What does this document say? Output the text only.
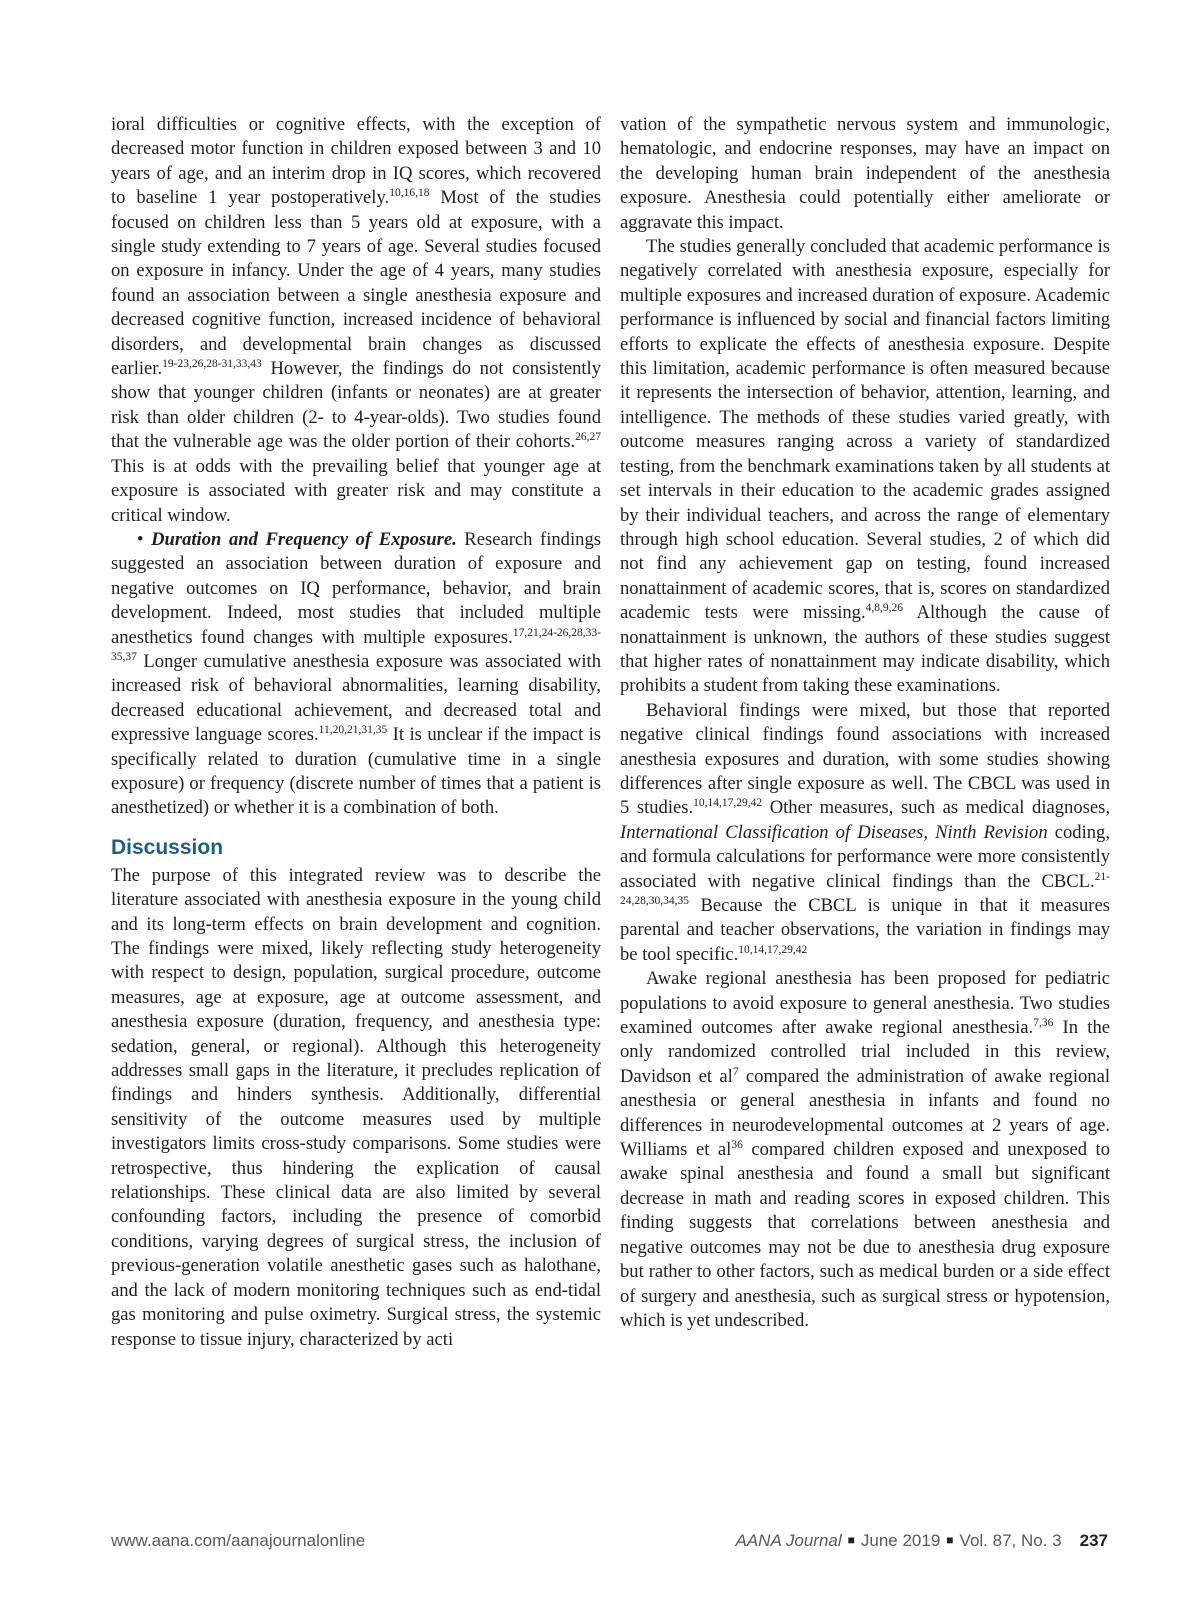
ioral difficulties or cognitive effects, with the exception of decreased motor function in children exposed between 3 and 10 years of age, and an interim drop in IQ scores, which recovered to baseline 1 year postoperatively.$^{10,16,18}$ Most of the studies focused on children less than 5 years old at exposure, with a single study extending to 7 years of age. Several studies focused on exposure in infancy. Under the age of 4 years, many studies found an association between a single anesthesia exposure and decreased cognitive function, increased incidence of behavioral disorders, and developmental brain changes as discussed earlier.$^{19-23,26,28-31,33,43}$ However, the findings do not consistently show that younger children (infants or neonates) are at greater risk than older children (2- to 4-year-olds). Two studies found that the vulnerable age was the older portion of their cohorts.$^{26,27}$ This is at odds with the prevailing belief that younger age at exposure is associated with greater risk and may constitute a critical window.

• Duration and Frequency of Exposure. Research findings suggested an association between duration of exposure and negative outcomes on IQ performance, behavior, and brain development. Indeed, most studies that included multiple anesthetics found changes with multiple exposures.$^{17,21,24-26,28,33-35,37}$ Longer cumulative anesthesia exposure was associated with increased risk of behavioral abnormalities, learning disability, decreased educational achievement, and decreased total and expressive language scores.$^{11,20,21,31,35}$ It is unclear if the impact is specifically related to duration (cumulative time in a single exposure) or frequency (discrete number of times that a patient is anesthetized) or whether it is a combination of both.

Discussion

The purpose of this integrated review was to describe the literature associated with anesthesia exposure in the young child and its long-term effects on brain development and cognition. The findings were mixed, likely reflecting study heterogeneity with respect to design, population, surgical procedure, outcome measures, age at exposure, age at outcome assessment, and anesthesia exposure (duration, frequency, and anesthesia type: sedation, general, or regional). Although this heterogeneity addresses small gaps in the literature, it precludes replication of findings and hinders synthesis. Additionally, differential sensitivity of the outcome measures used by multiple investigators limits cross-study comparisons. Some studies were retrospective, thus hindering the explication of causal relationships. These clinical data are also limited by several confounding factors, including the presence of comorbid conditions, varying degrees of surgical stress, the inclusion of previous-generation volatile anesthetic gases such as halothane, and the lack of modern monitoring techniques such as end-tidal gas monitoring and pulse oximetry. Surgical stress, the systemic response to tissue injury, characterized by acti

vation of the sympathetic nervous system and immunologic, hematologic, and endocrine responses, may have an impact on the developing human brain independent of the anesthesia exposure. Anesthesia could potentially either ameliorate or aggravate this impact.

The studies generally concluded that academic performance is negatively correlated with anesthesia exposure, especially for multiple exposures and increased duration of exposure. Academic performance is influenced by social and financial factors limiting efforts to explicate the effects of anesthesia exposure. Despite this limitation, academic performance is often measured because it represents the intersection of behavior, attention, learning, and intelligence. The methods of these studies varied greatly, with outcome measures ranging across a variety of standardized testing, from the benchmark examinations taken by all students at set intervals in their education to the academic grades assigned by their individual teachers, and across the range of elementary through high school education. Several studies, 2 of which did not find any achievement gap on testing, found increased nonattainment of academic scores, that is, scores on standardized academic tests were missing.$^{4,8,9,26}$ Although the cause of nonattainment is unknown, the authors of these studies suggest that higher rates of nonattainment may indicate disability, which prohibits a student from taking these examinations.

Behavioral findings were mixed, but those that reported negative clinical findings found associations with increased anesthesia exposures and duration, with some studies showing differences after single exposure as well. The CBCL was used in 5 studies.$^{10,14,17,29,42}$ Other measures, such as medical diagnoses, International Classification of Diseases, Ninth Revision coding, and formula calculations for performance were more consistently associated with negative clinical findings than the CBCL.$^{21-24,28,30,34,35}$ Because the CBCL is unique in that it measures parental and teacher observations, the variation in findings may be tool specific.$^{10,14,17,29,42}$

Awake regional anesthesia has been proposed for pediatric populations to avoid exposure to general anesthesia. Two studies examined outcomes after awake regional anesthesia.$^{7,36}$ In the only randomized controlled trial included in this review, Davidson et $al^7$ compared the administration of awake regional anesthesia or general anesthesia in infants and found no differences in neurodevelopmental outcomes at 2 years of age. Williams et $al^{36}$ compared children exposed and unexposed to awake spinal anesthesia and found a small but significant decrease in math and reading scores in exposed children. This finding suggests that correlations between anesthesia and negative outcomes may not be due to anesthesia drug exposure but rather to other factors, such as medical burden or a side effect of surgery and anesthesia, such as surgical stress or hypotension, which is yet undescribed.

www.aana.com/aanajournalonline	AANA Journal ■ June 2019 ■ Vol. 87, No. 3 237
